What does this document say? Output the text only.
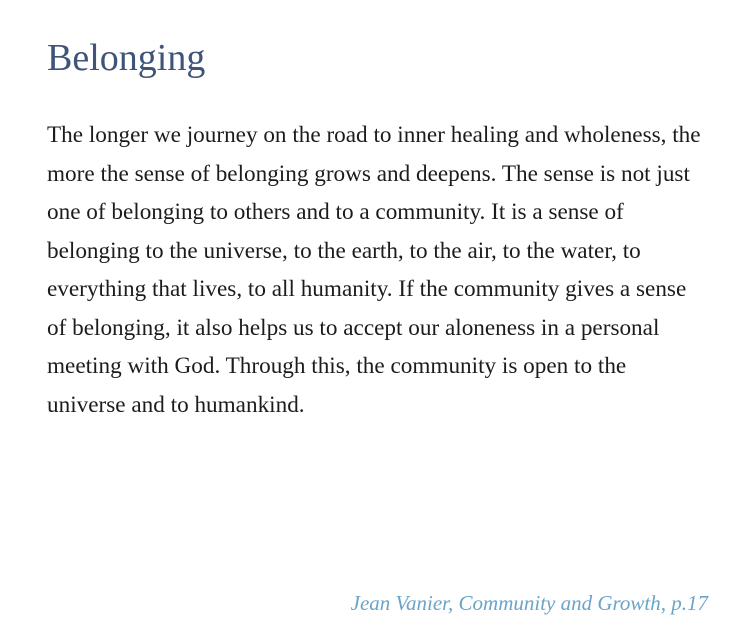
Belonging

The longer we journey on the road to inner healing and wholeness, the more the sense of belonging grows and deepens. The sense is not just one of belonging to others and to a community. It is a sense of belonging to the universe, to the earth, to the air, to the water, to everything that lives, to all humanity. If the community gives a sense of belonging, it also helps us to accept our aloneness in a personal meeting with God. Through this, the community is open to the universe and to humankind.

Jean Vanier, Community and Growth, p.17
